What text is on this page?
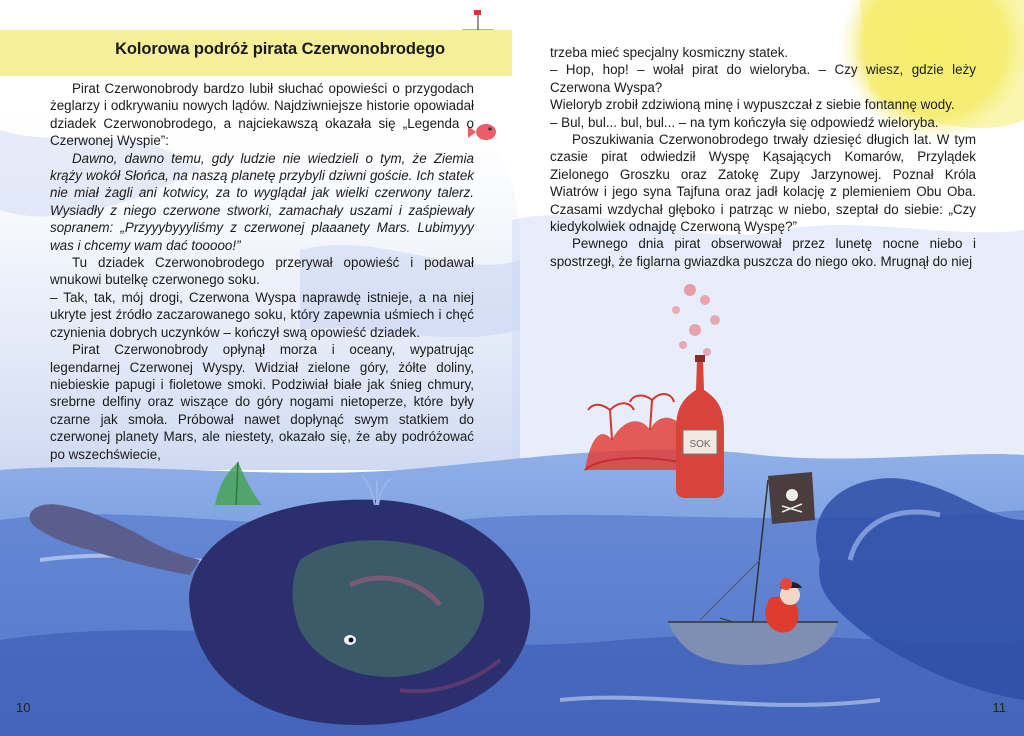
SOK
Kolorowa podróż pirata Czerwonobrodego

Pirat Czerwonobrody bardzo lubił słuchać opowieści o przygodach żeglarzy i odkrywaniu nowych lądów. Najdziwniejsze historie opowiadał dziadek Czerwonobrodego, a najciekawszą okazała się „Legenda o Czerwonej Wyspie”:

Dawno, dawno temu, gdy ludzie nie wiedzieli o tym, że Ziemia krąży wokół Słońca, na naszą planetę przybyli dziwni goście. Ich statek nie miał żagli ani kotwicy, za to wyglądał jak wielki czerwony talerz. Wysiadły z niego czerwone stworki, zamachały uszami i zaśpiewały sopranem: „Przyyybyyyliśmy z czerwonej plaaanety Mars. Lubimyyy was i chcemy wam dać tooooo!”

Tu dziadek Czerwonobrodego przerywał opowieść i podawał wnukowi butelkę czerwonego soku.

– Tak, tak, mój drogi, Czerwona Wyspa naprawdę istnieje, a na niej ukryte jest źródło zaczarowanego soku, który zapewnia uśmiech i chęć czynienia dobrych uczynków – kończył swą opowieść dziadek.

Pirat Czerwonobrody opłynął morza i oceany, wypatrując legendarnej Czerwonej Wyspy. Widział zielone góry, żółte doliny, niebieskie papugi i fioletowe smoki. Podziwiał białe jak śnieg chmury, srebrne delfiny oraz wiszące do góry nogami nietoperze, które były czarne jak smoła. Próbował nawet dopłynąć swym statkiem do czerwonej planety Mars, ale niestety, okazało się, że aby podróżować po wszechświecie,

trzeba mieć specjalny kosmiczny statek.

– Hop, hop! – wołał pirat do wieloryba. – Czy wiesz, gdzie leży Czerwona Wyspa?

Wieloryb zrobił zdziwioną minę i wypuszczał z siebie fontannę wody.

– Bul, bul... bul, bul... – na tym kończyła się odpowiedź wieloryba.

Poszukiwania Czerwonobrodego trwały dziesięć długich lat. W tym czasie pirat odwiedził Wyspę Kąsających Komarów, Przylądek Zielonego Groszku oraz Zatokę Zupy Jarzynowej. Poznał Króla Wiatrów i jego syna Tajfuna oraz jadł kolację z plemieniem Obu Oba. Czasami wzdychał głęboko i patrząc w niebo, szeptał do siebie: „Czy kiedykolwiek odnajdę Czerwoną Wyspę?”

Pewnego dnia pirat obserwował przez lunetę nocne niebo i spostrzegł, że figlarna gwiazdka puszcza do niego oko. Mrugnął do niej

10	11
